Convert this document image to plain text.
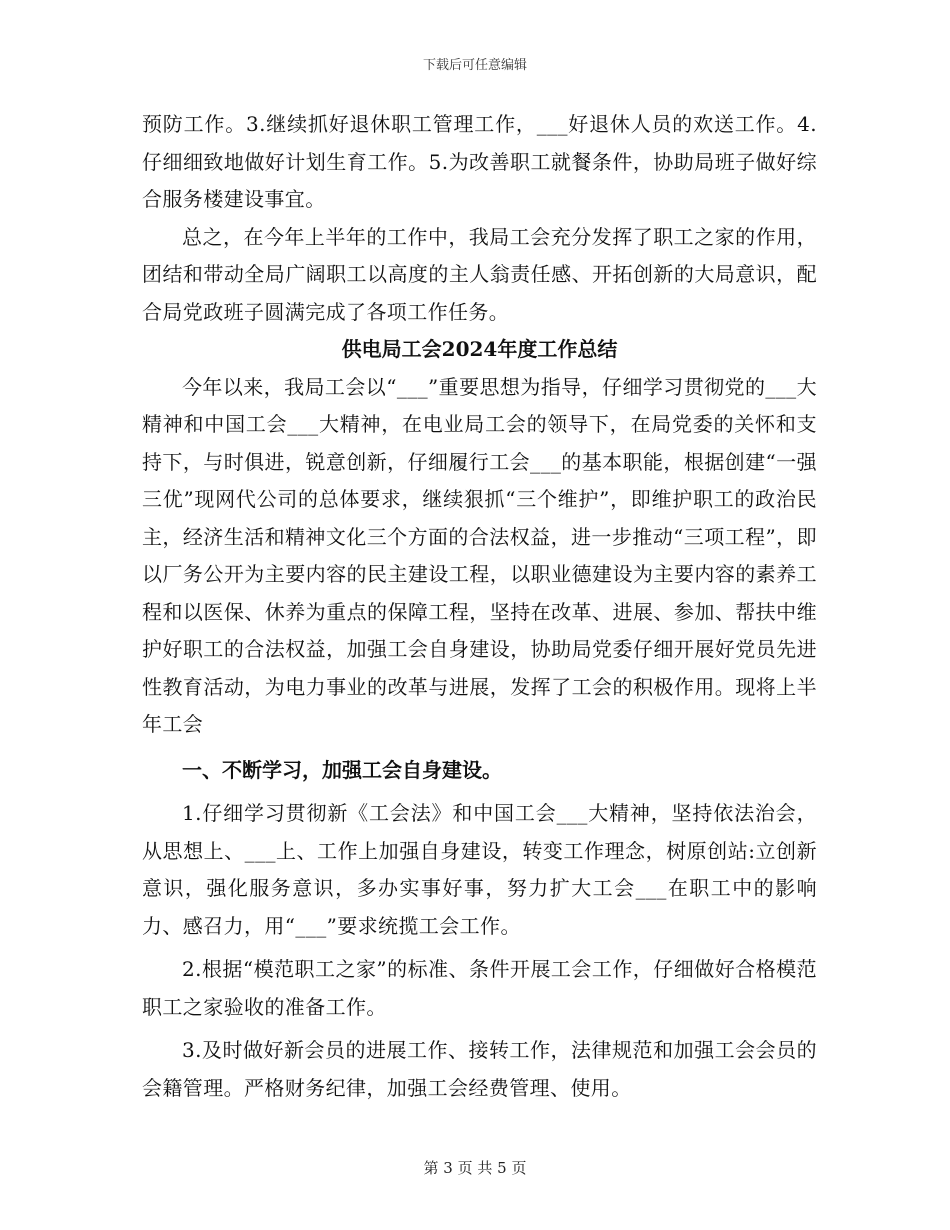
下载后可任意编辑

预防工作。3.继续抓好退休职工管理工作，___好退休人员的欢送工作。4.仔细细致地做好计划生育工作。5.为改善职工就餐条件，协助局班子做好综合服务楼建设事宜。

总之，在今年上半年的工作中，我局工会充分发挥了职工之家的作用，团结和带动全局广阔职工以高度的主人翁责任感、开拓创新的大局意识，配合局党政班子圆满完成了各项工作任务。

供电局工会2024年度工作总结

今年以来，我局工会以“___”重要思想为指导，仔细学习贯彻党的___大精神和中国工会___大精神，在电业局工会的领导下，在局党委的关怀和支持下，与时俱进，锐意创新，仔细履行工会___的基本职能，根据创建“一强三优”现网代公司的总体要求，继续狠抓“三个维护”，即维护职工的政治民主，经济生活和精神文化三个方面的合法权益，进一步推动“三项工程”，即以厂务公开为主要内容的民主建设工程，以职业德建设为主要内容的素养工程和以医保、休养为重点的保障工程，坚持在改革、进展、参加、帮扶中维护好职工的合法权益，加强工会自身建设，协助局党委仔细开展好党员先进性教育活动，为电力事业的改革与进展，发挥了工会的积极作用。现将上半年工会

一、不断学习，加强工会自身建设。

1.仔细学习贯彻新《工会法》和中国工会___大精神，坚持依法治会，从思想上、___上、工作上加强自身建设，转变工作理念，树原创站:立创新意识，强化服务意识，多办实事好事，努力扩大工会___在职工中的影响力、感召力，用“___”要求统揽工会工作。

2.根据“模范职工之家”的标准、条件开展工会工作，仔细做好合格模范职工之家验收的准备工作。

3.及时做好新会员的进展工作、接转工作，法律规范和加强工会会员的会籍管理。严格财务纪律，加强工会经费管理、使用。

第 3 页 共 5 页
